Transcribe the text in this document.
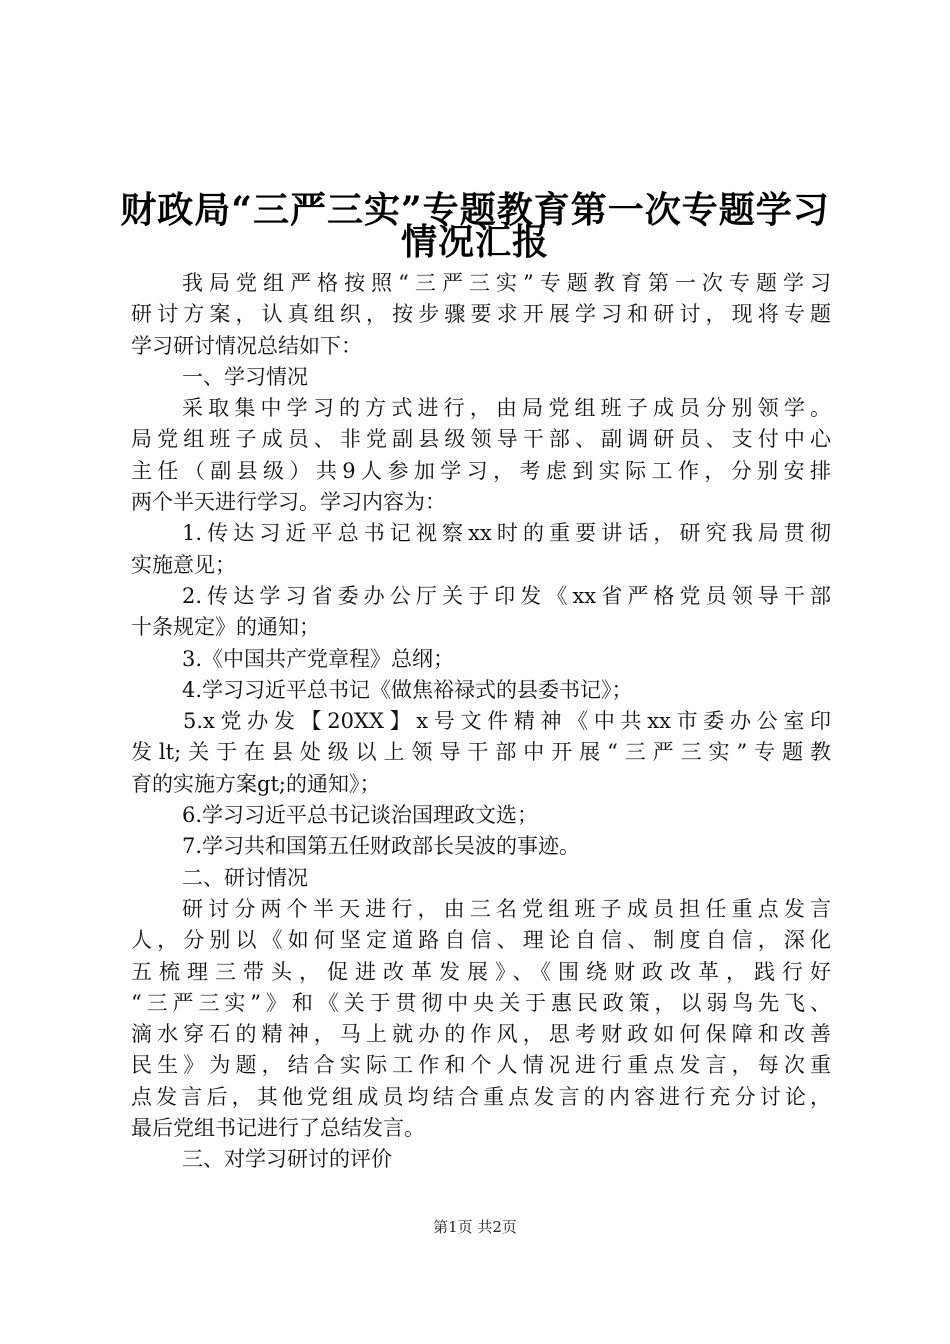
财政局“三严三实”专题教育第一次专题学习
情况汇报
我局党组严格按照“三严三实”专题教育第一次专题学习
研讨方案，认真组织，按步骤要求开展学习和研讨，现将专题
学习研讨情况总结如下：
一、学习情况
采取集中学习的方式进行，由局党组班子成员分别领学。
局党组班子成员、非党副县级领导干部、副调研员、支付中心
主任（副县级）共9人参加学习，考虑到实际工作，分别安排
两个半天进行学习。学习内容为：
1.传达习近平总书记视察xx时的重要讲话，研究我局贯彻
实施意见；
2.传达学习省委办公厅关于印发《xx省严格党员领导干部
十条规定》的通知；
3.《中国共产党章程》总纲；
4.学习习近平总书记《做焦裕禄式的县委书记》；
5.x党办发【20XX】x号文件精神《中共xx市委办公室印
发lt;关于在县处级以上领导干部中开展“三严三实”专题教
育的实施方案gt;的通知》；
6.学习习近平总书记谈治国理政文选；
7.学习共和国第五任财政部长吴波的事迹。
二、研讨情况
研讨分两个半天进行，由三名党组班子成员担任重点发言
人，分别以《如何坚定道路自信、理论自信、制度自信，深化
五梳理三带头，促进改革发展》、《围绕财政改革，践行好
“三严三实”》和《关于贯彻中央关于惠民政策，以弱鸟先飞、
滴水穿石的精神，马上就办的作风，思考财政如何保障和改善
民生》为题，结合实际工作和个人情况进行重点发言，每次重
点发言后，其他党组成员均结合重点发言的内容进行充分讨论，
最后党组书记进行了总结发言。
三、对学习研讨的评价
第1页 共2页
